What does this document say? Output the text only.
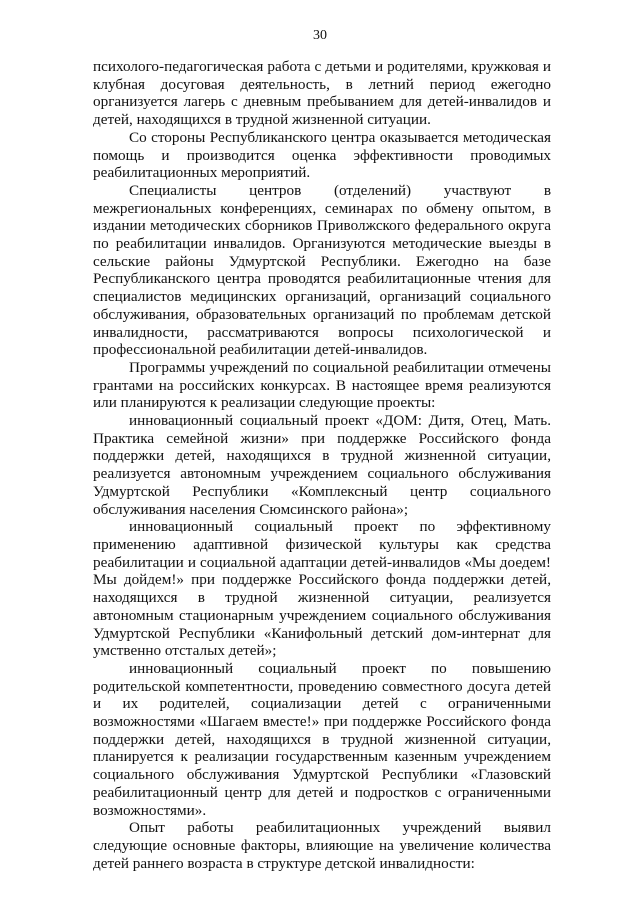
30

психолого-педагогическая работа с детьми и родителями, кружковая и клубная досуговая деятельность, в летний период ежегодно организуется лагерь с дневным пребыванием для детей-инвалидов и детей, находящихся в трудной жизненной ситуации.

Со стороны Республиканского центра оказывается методическая помощь и производится оценка эффективности проводимых реабилитационных мероприятий.

Специалисты центров (отделений) участвуют в межрегиональных конференциях, семинарах по обмену опытом, в издании методических сборников Приволжского федерального округа по реабилитации инвалидов. Организуются методические выезды в сельские районы Удмуртской Республики. Ежегодно на базе Республиканского центра проводятся реабилитационные чтения для специалистов медицинских организаций, организаций социального обслуживания, образовательных организаций по проблемам детской инвалидности, рассматриваются вопросы психологической и профессиональной реабилитации детей-инвалидов.

Программы учреждений по социальной реабилитации отмечены грантами на российских конкурсах. В настоящее время реализуются или планируются к реализации следующие проекты:

инновационный социальный проект «ДОМ: Дитя, Отец, Мать. Практика семейной жизни» при поддержке Российского фонда поддержки детей, находящихся в трудной жизненной ситуации, реализуется автономным учреждением социального обслуживания Удмуртской Республики «Комплексный центр социального обслуживания населения Сюмсинского района»;

инновационный социальный проект по эффективному применению адаптивной физической культуры как средства реабилитации и социальной адаптации детей-инвалидов «Мы доедем! Мы дойдем!» при поддержке Российского фонда поддержки детей, находящихся в трудной жизненной ситуации, реализуется автономным стационарным учреждением социального обслуживания Удмуртской Республики «Канифольный детский дом-интернат для умственно отсталых детей»;

инновационный социальный проект по повышению родительской компетентности, проведению совместного досуга детей и их родителей, социализации детей с ограниченными возможностями «Шагаем вместе!» при поддержке Российского фонда поддержки детей, находящихся в трудной жизненной ситуации, планируется к реализации государственным казенным учреждением социального обслуживания Удмуртской Республики «Глазовский реабилитационный центр для детей и подростков с ограниченными возможностями».

Опыт работы реабилитационных учреждений выявил следующие основные факторы, влияющие на увеличение количества детей раннего возраста в структуре детской инвалидности:
